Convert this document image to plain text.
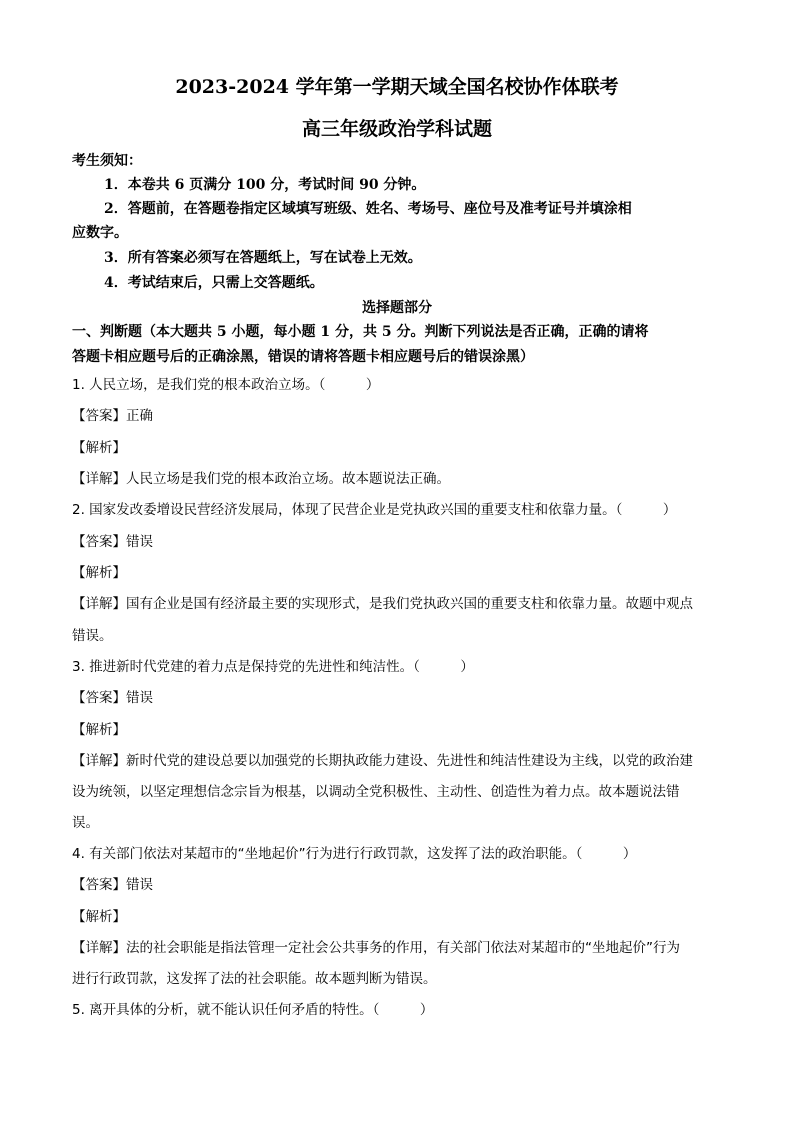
2023-2024 学年第一学期天域全国名校协作体联考
高三年级政治学科试题
考生须知：
1．本卷共 6 页满分 100 分，考试时间 90 分钟。
2．答题前，在答题卷指定区域填写班级、姓名、考场号、座位号及准考证号并填涂相
应数字。
3．所有答案必须写在答题纸上，写在试卷上无效。
4．考试结束后，只需上交答题纸。
选择题部分
一、判断题（本大题共 5 小题，每小题 1 分，共 5 分。判断下列说法是否正确，正确的请将
答题卡相应题号后的正确涂黑，错误的请将答题卡相应题号后的错误涂黑）
1. 人民立场，是我们党的根本政治立场。（　　　）
【答案】正确
【解析】
【详解】人民立场是我们党的根本政治立场。故本题说法正确。
2. 国家发改委增设民营经济发展局，体现了民营企业是党执政兴国的重要支柱和依靠力量。（　　　）
【答案】错误
【解析】
【详解】国有企业是国有经济最主要的实现形式，是我们党执政兴国的重要支柱和依靠力量。故题中观点
错误。
3. 推进新时代党建的着力点是保持党的先进性和纯洁性。（　　　）
【答案】错误
【解析】
【详解】新时代党的建设总要以加强党的长期执政能力建设、先进性和纯洁性建设为主线，以党的政治建
设为统领，以坚定理想信念宗旨为根基，以调动全党积极性、主动性、创造性为着力点。故本题说法错
误。
4. 有关部门依法对某超市的“坐地起价”行为进行行政罚款，这发挥了法的政治职能。（　　　）
【答案】错误
【解析】
【详解】法的社会职能是指法管理一定社会公共事务的作用，有关部门依法对某超市的“坐地起价”行为
进行行政罚款，这发挥了法的社会职能。故本题判断为错误。
5. 离开具体的分析，就不能认识任何矛盾的特性。（　　　）
